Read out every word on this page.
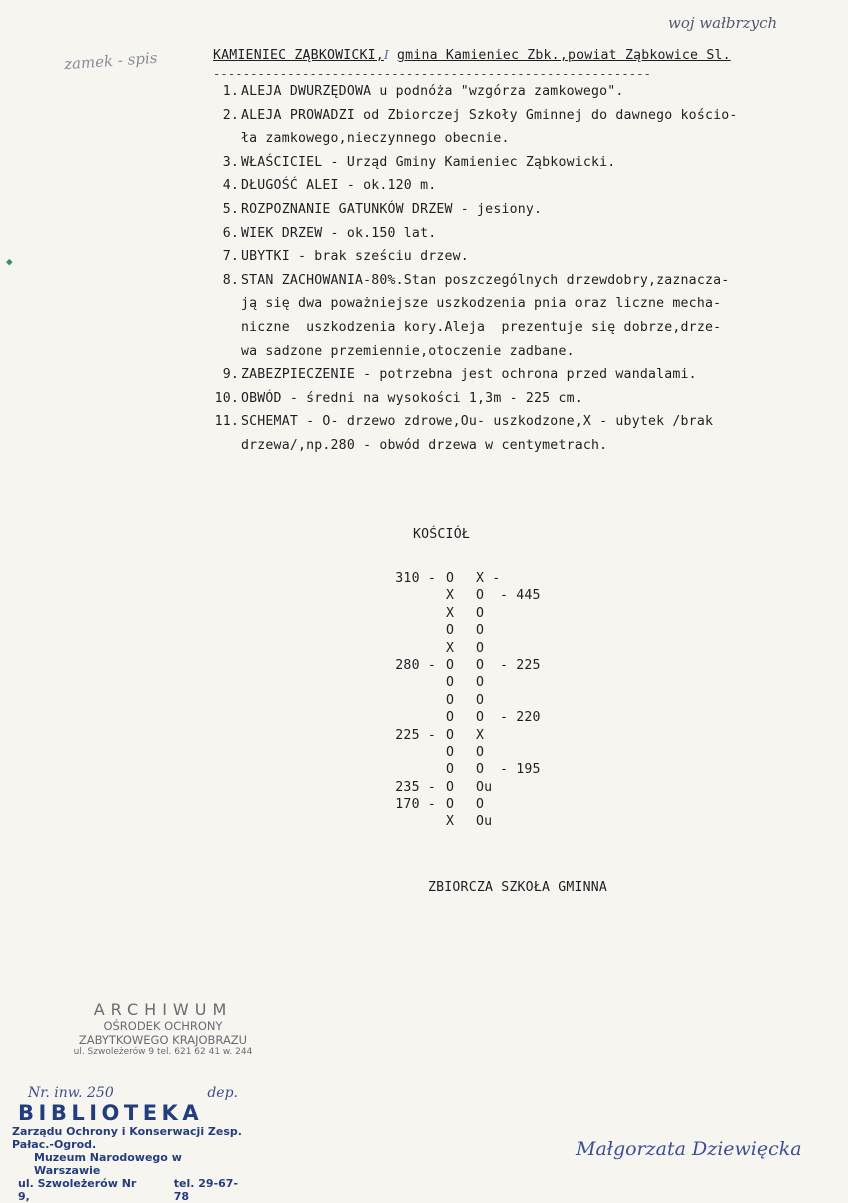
woj wałbrzych
zamek - spis	KAMIENIEC ZĄBKOWICKI,I gmina Kamieniec Zbk.,powiat Ząbkowice Sl.
-----------------------------------------------------------
1. ALEJA DWURZĘDOWA u podnóża "wzgórza zamkowego".
2. ALEJA PROWADZI od Zbiorczej Szkoły Gminnej do dawnego kościo-
ła zamkowego,nieczynnego obecnie.
3. WŁAŚCICIEL - Urząd Gminy Kamieniec Ząbkowicki.
4. DŁUGOŚĆ ALEI - ok.120 m.
5. ROZPOZNANIE GATUNKÓW DRZEW - jesiony.
6. WIEK DRZEW - ok.150 lat.
7. UBYTKI - brak sześciu drzew.
8. STAN ZACHOWANIA-80%.Stan poszczególnych drzewdobry,zaznacza-
ją się dwa poważniejsze uszkodzenia pnia oraz liczne mecha-
niczne  uszkodzenia kory.Aleja  prezentuje się dobrze,drze-
wa sadzone przemiennie,otoczenie zadbane.
9. ZABEZPIECZENIE - potrzebna jest ochrona przed wandalami.
10. OBWÓD - średni na wysokości 1,3m - 225 cm.
11. SCHEMAT - O- drzewo zdrowe,Ou- uszkodzone,X - ubytek /brak
drzewa/,np.280 - obwód drzewa w centymetrach.
KOŚCIÓŁ
310 - O X -
X O - 445
X O
O O
X O
280 - O O - 225
O O
O O
O O - 220
225 - O X
O O
O O - 195
235 - O Ou
170 - O O
X Ou
ZBIORCZA SZKOŁA GMINNA
◆
ARCHIWUM
OŚRODEK OCHRONY
ZABYTKOWEGO KRAJOBRAZU
ul. Szwoleżerów 9 tel. 621 62 41 w. 244
Nr. inw. 250	dep.
BIBLIOTEKA
Zarządu Ochrony i Konserwacji Zesp. Pałac.-Ogrod.
Muzeum Narodowego w Warszawie
ul. Szwoleżerów Nr 9,
tel. 29-67-78
Małgorzata Dziewięcka
